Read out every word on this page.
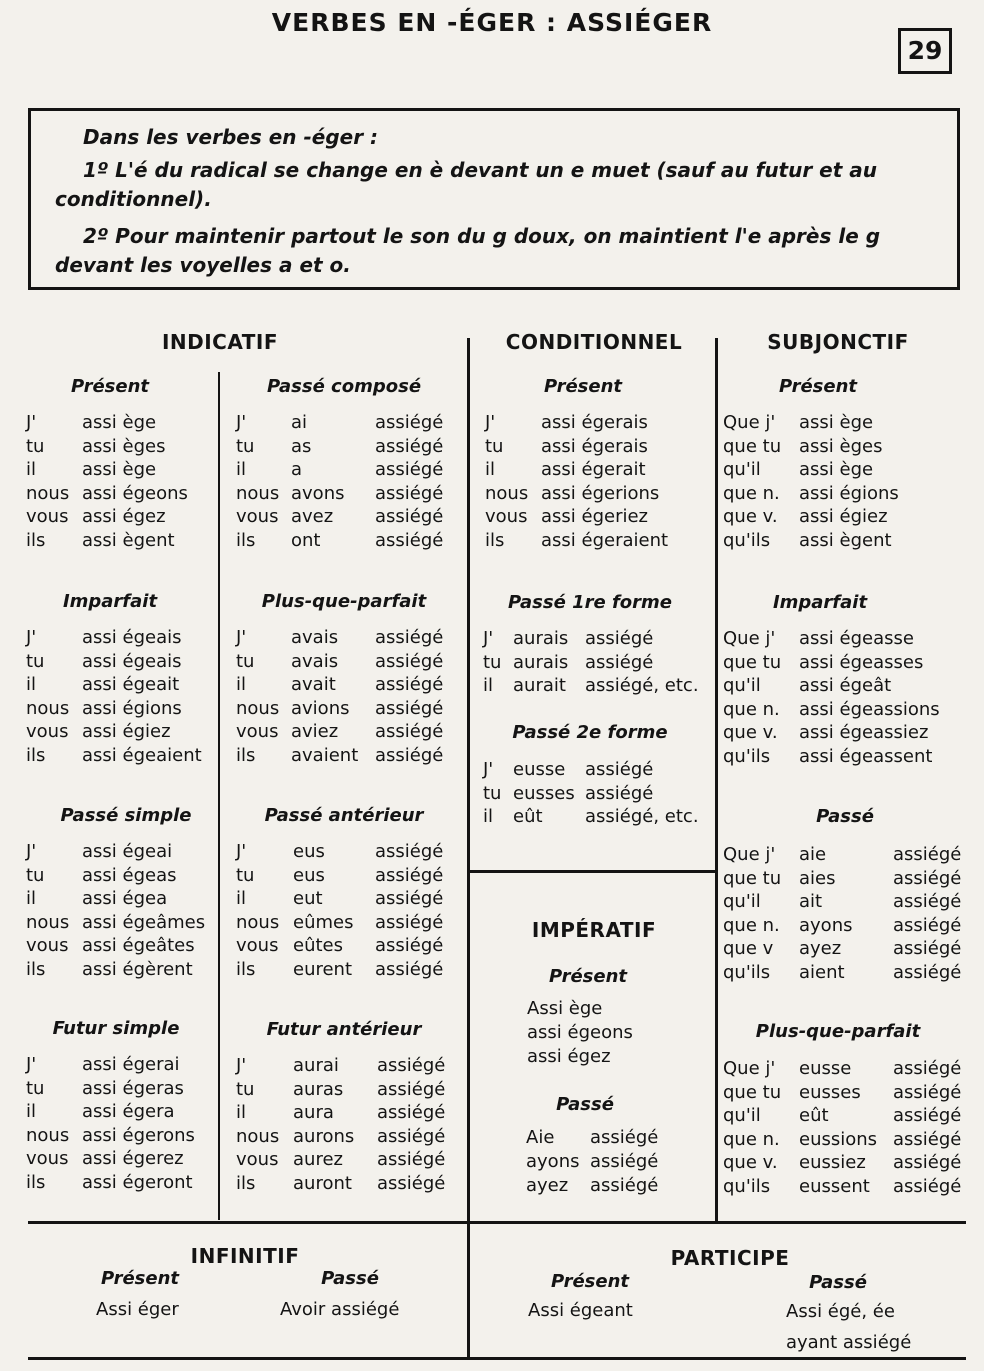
VERBES EN -ÉGER : ASSIÉGER
29

Dans les verbes en -éger :

1º L'é du radical se change en è devant un e muet (sauf au futur et au conditionnel).

2º Pour maintenir partout le son du g doux, on maintient l'e après le g devant les voyelles a et o.

INDICATIF	CONDITIONNEL	SUBJONCTIF
Présent
J'	assi ège
tu	assi èges
il	assi ège
nous assi égeons
vous assi égez
ils	assi ègent
Imparfait
J'	assi égeais
tu	assi égeais
il	assi égeait
nous assi égions
vous assi égiez
ils	assi égeaient
Passé simple
J'	assi égeai
tu	assi égeas
il	assi égea
nous assi égeâmes
vous assi égeâtes
ils	assi égèrent
Futur simple
J'	assi égerai
tu	assi égeras
il	assi égera
nous assi égerons
vous assi égerez
ils	assi égeront
Passé composé
J'	ai	assiégé
tu	as	assiégé
il	a	assiégé
nous avons	assiégé
vous avez	assiégé
ils	ont	assiégé
Plus-que-parfait
J'	avais	assiégé
tu	avais	assiégé
il	avait	assiégé
nous avions	assiégé
vous aviez	assiégé
ils	avaient assiégé
Passé antérieur
J'	eus	assiégé
tu	eus	assiégé
il	eut	assiégé
nous eûmes	assiégé
vous eûtes	assiégé
ils	eurent	assiégé
Futur antérieur
J'	aurai	assiégé
tu	auras	assiégé
il	aura	assiégé
nous aurons	assiégé
vous aurez	assiégé
ils	auront	assiégé
Présent
J'	assi égerais
tu	assi égerais
il	assi égerait
nous assi égerions
vous assi égeriez
ils	assi égeraient
Passé 1re forme
J'	aurais assiégé
tu aurais assiégé
il	aurait	assiégé, etc.
Passé 2e forme
J'	eusse	assiégé
tu eusses assiégé
il	eût	assiégé, etc.
IMPÉRATIF
Présent
Assi ège
assi égeons
assi égez
Passé
Aie	assiégé
ayons assiégé
ayez	assiégé
Présent
Que j'	assi ège
que tu assi èges
qu'il	assi ège
que n.	assi égions
que v.	assi égiez
qu'ils	assi ègent
Imparfait
Que j'	assi égeasse
que tu assi égeasses
qu'il	assi égeât
que n.	assi égeassions
que v.	assi égeassiez
qu'ils	assi égeassent
Passé
Que j'	aie	assiégé
que tu aies	assiégé
qu'il	ait	assiégé
que n.	ayons	assiégé
que v	ayez	assiégé
qu'ils	aient	assiégé
Plus-que-parfait
Que j'	eusse	assiégé
que tu eusses	assiégé
qu'il	eût	assiégé
que n.	eussions assiégé
que v.	eussiez	assiégé
qu'ils	eussent	assiégé
INFINITIF
Présent	Passé
Assi éger	Avoir assiégé
PARTICIPE
Présent	Passé
Assi égeant	Assi égé, ée
ayant assiégé
